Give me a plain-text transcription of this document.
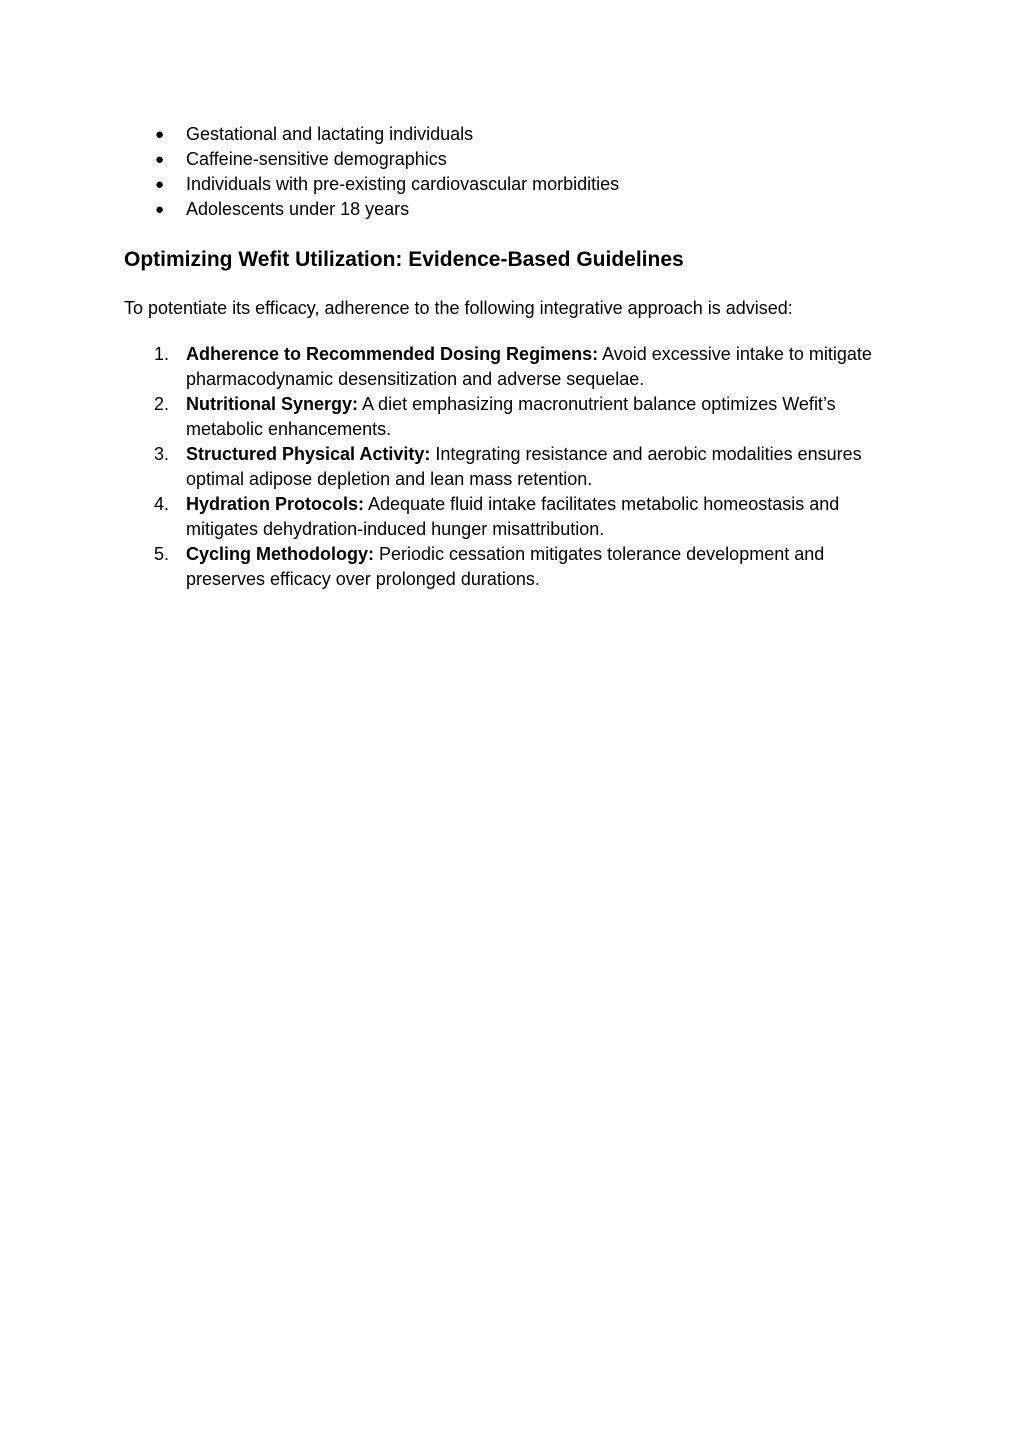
● Gestational and lactating individuals
● Caffeine-sensitive demographics
● Individuals with pre-existing cardiovascular morbidities
● Adolescents under 18 years
Optimizing Wefit Utilization: Evidence-Based Guidelines

To potentiate its efficacy, adherence to the following integrative approach is advised:

1. Adherence to Recommended Dosing Regimens: Avoid excessive intake to mitigate pharmacodynamic desensitization and adverse sequelae.
2. Nutritional Synergy: A diet emphasizing macronutrient balance optimizes Wefit’s metabolic enhancements.
3. Structured Physical Activity: Integrating resistance and aerobic modalities ensures optimal adipose depletion and lean mass retention.
4. Hydration Protocols: Adequate fluid intake facilitates metabolic homeostasis and mitigates dehydration-induced hunger misattribution.
5. Cycling Methodology: Periodic cessation mitigates tolerance development and preserves efficacy over prolonged durations.
